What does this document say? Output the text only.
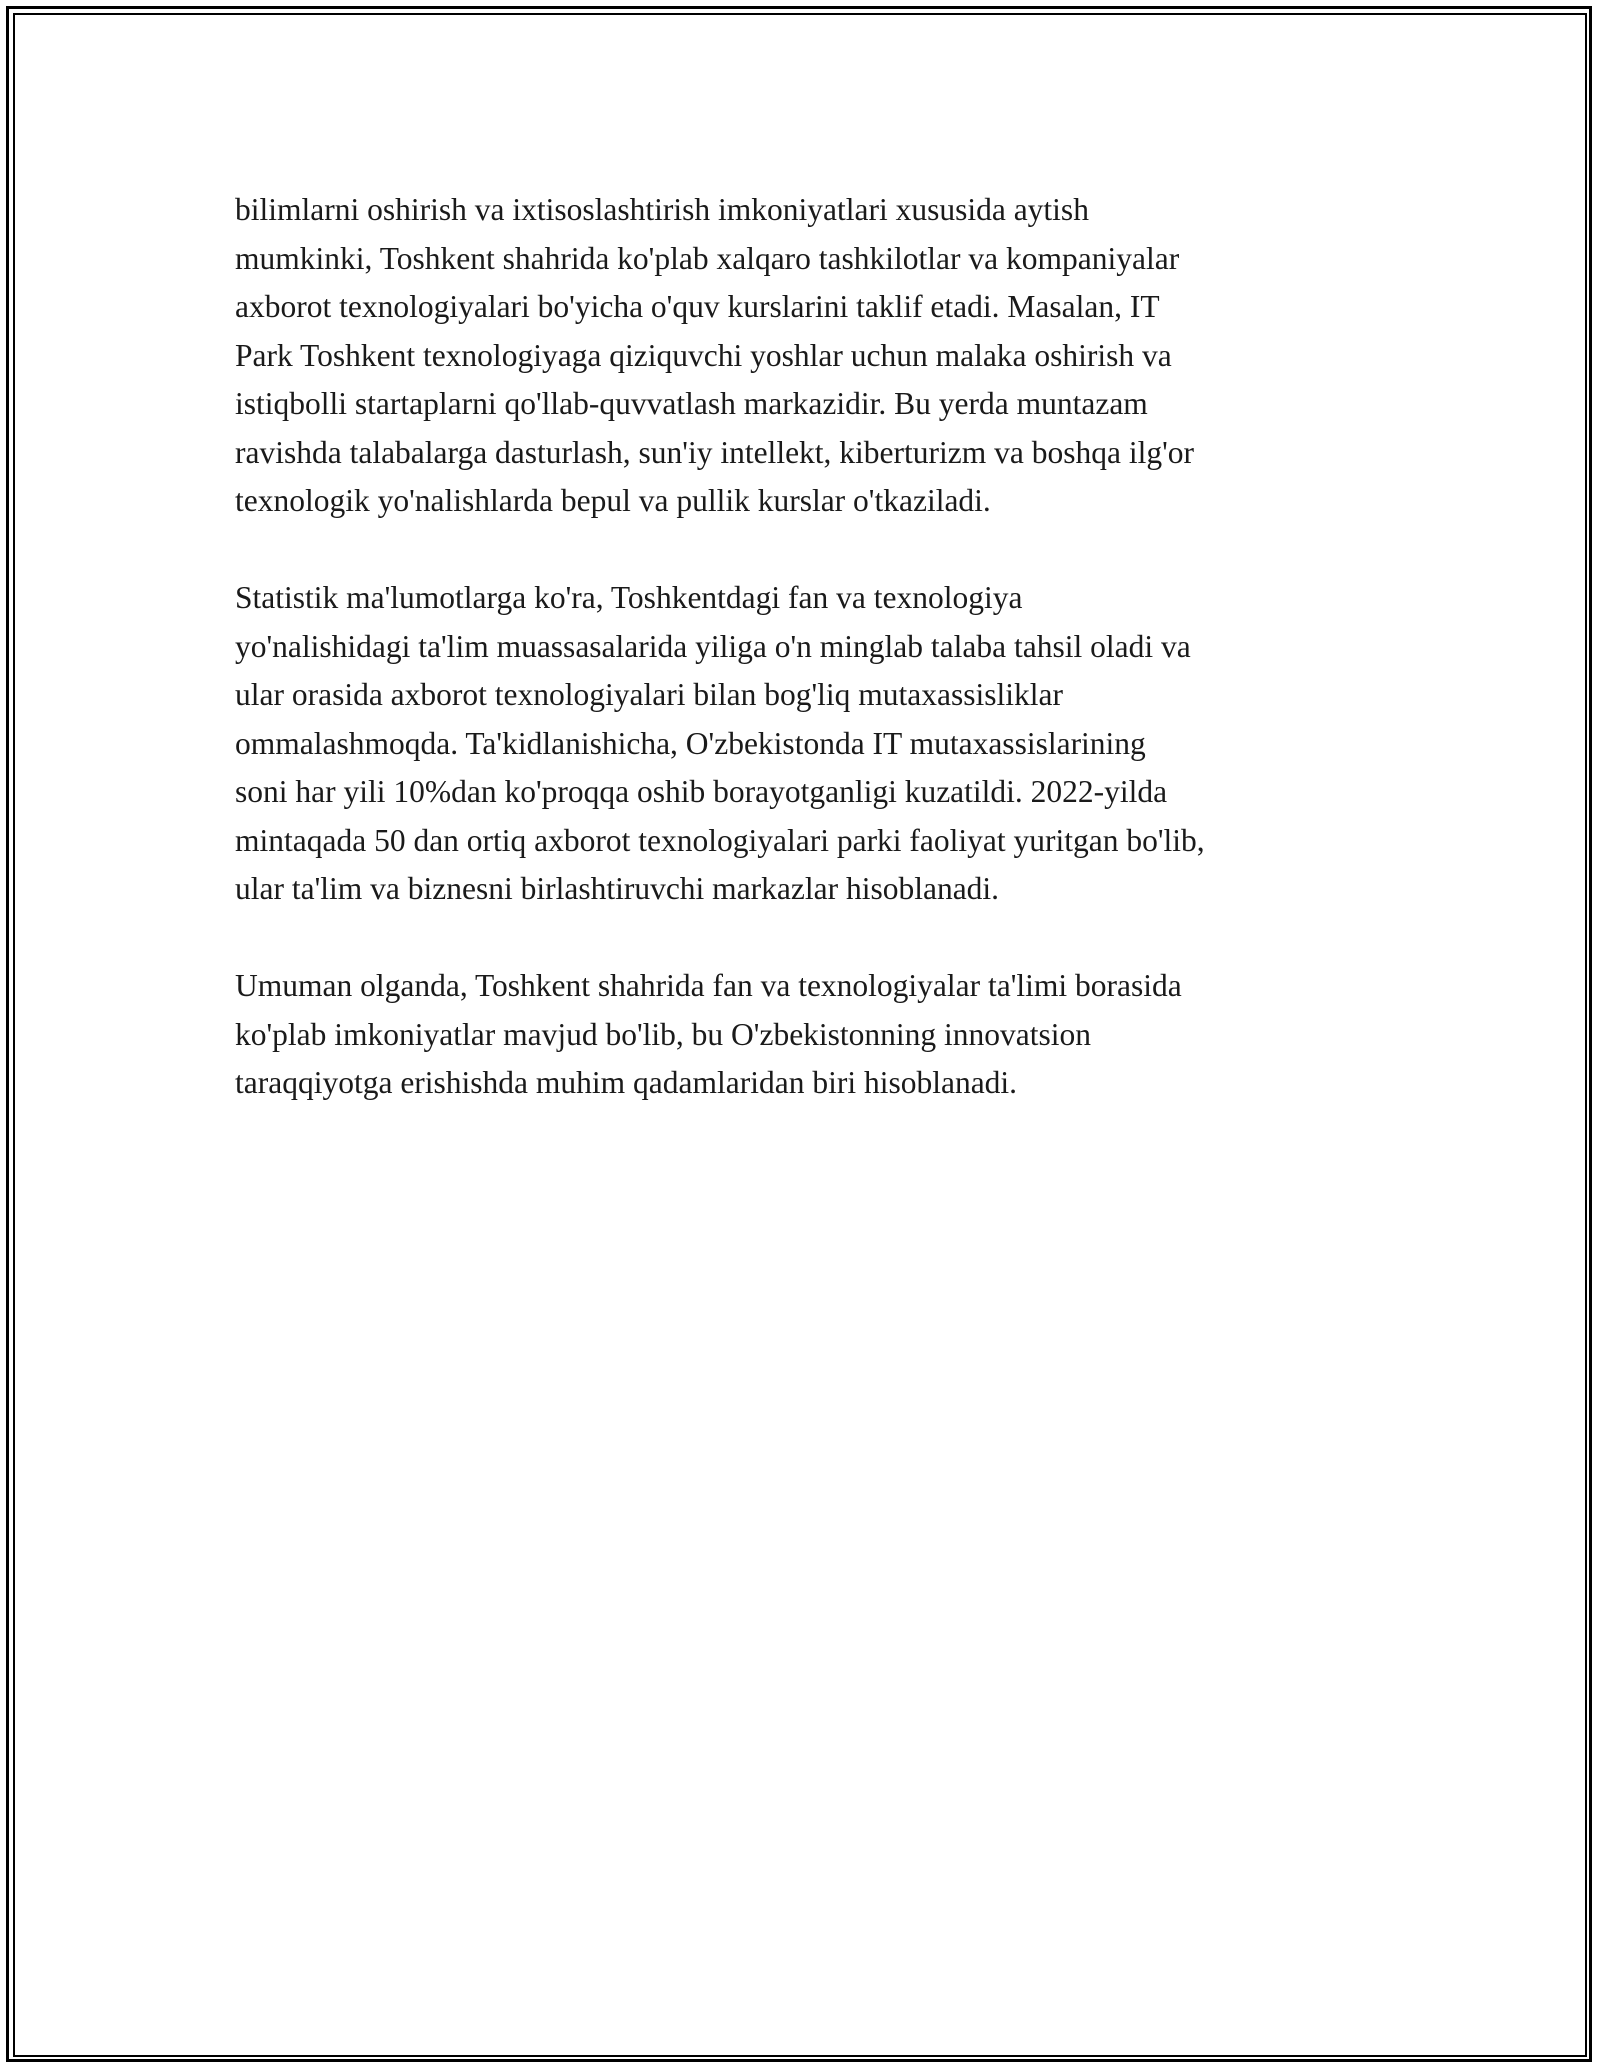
bilimlarni oshirish va ixtisoslashtirish imkoniyatlari xususida aytish
mumkinki, Toshkent shahrida ko'plab xalqaro tashkilotlar va kompaniyalar
axborot texnologiyalari bo'yicha o'quv kurslarini taklif etadi. Masalan, IT
Park Toshkent texnologiyaga qiziquvchi yoshlar uchun malaka oshirish va
istiqbolli startaplarni qo'llab-quvvatlash markazidir. Bu yerda muntazam
ravishda talabalarga dasturlash, sun'iy intellekt, kiberturizm va boshqa ilg'or
texnologik yo'nalishlarda bepul va pullik kurslar o'tkaziladi.

Statistik ma'lumotlarga ko'ra, Toshkentdagi fan va texnologiya
yo'nalishidagi ta'lim muassasalarida yiliga o'n minglab talaba tahsil oladi va
ular orasida axborot texnologiyalari bilan bog'liq mutaxassisliklar
ommalashmoqda. Ta'kidlanishicha, O'zbekistonda IT mutaxassislarining
soni har yili 10%dan ko'proqqa oshib borayotganligi kuzatildi. 2022-yilda
mintaqada 50 dan ortiq axborot texnologiyalari parki faoliyat yuritgan bo'lib,
ular ta'lim va biznesni birlashtiruvchi markazlar hisoblanadi.

Umuman olganda, Toshkent shahrida fan va texnologiyalar ta'limi borasida
ko'plab imkoniyatlar mavjud bo'lib, bu O'zbekistonning innovatsion
taraqqiyotga erishishda muhim qadamlaridan biri hisoblanadi.
